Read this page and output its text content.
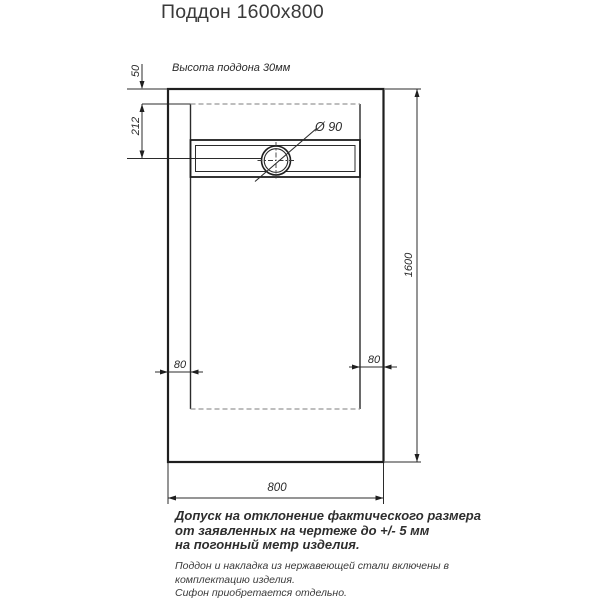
Поддон 1600x800
Высота поддона 30мм
50
212	Ø 90
1600
80	80
800
Допуск на отклонение фактического размера
от заявленных на чертеже до +/- 5 мм
на погонный метр изделия.
Поддон и накладка из нержавеющей стали включены в
комплектацию изделия.
Сифон приобретается отдельно.
